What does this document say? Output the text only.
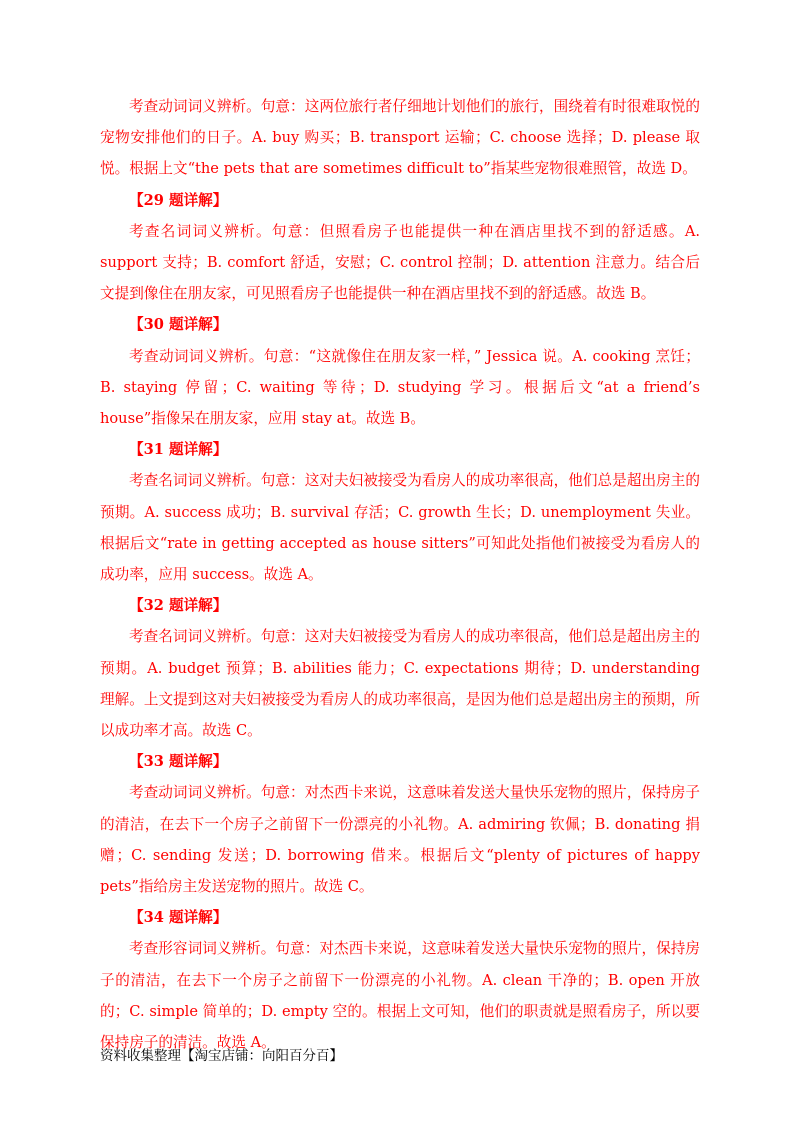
考查动词词义辨析。句意：这两位旅行者仔细地计划他们的旅行，围绕着有时很难取悦的宠物安排他们的日子。A. buy 购买；B. transport 运输；C. choose 选择；D. please 取悦。根据上文“the pets that are sometimes difficult to”指某些宠物很难照管，故选 D。

【29 题详解】

考查名词词义辨析。句意：但照看房子也能提供一种在酒店里找不到的舒适感。A. support 支持；B. comfort 舒适，安慰；C. control 控制；D. attention 注意力。结合后文提到像住在朋友家，可见照看房子也能提供一种在酒店里找不到的舒适感。故选 B。

【30 题详解】

考查动词词义辨析。句意：“这就像住在朋友家一样，” Jessica 说。A. cooking 烹饪；B. staying 停留；C. waiting 等待；D. studying 学习。根据后文“at a friend’s house”指像呆在朋友家，应用 stay at。故选 B。

【31 题详解】

考查名词词义辨析。句意：这对夫妇被接受为看房人的成功率很高，他们总是超出房主的预期。A. success 成功；B. survival 存活；C. growth 生长；D. unemployment 失业。根据后文“rate in getting accepted as house sitters”可知此处指他们被接受为看房人的成功率，应用 success。故选 A。

【32 题详解】

考查名词词义辨析。句意：这对夫妇被接受为看房人的成功率很高，他们总是超出房主的预期。A. budget 预算；B. abilities 能力；C. expectations 期待；D. understanding 理解。上文提到这对夫妇被接受为看房人的成功率很高，是因为他们总是超出房主的预期，所以成功率才高。故选 C。

【33 题详解】

考查动词词义辨析。句意：对杰西卡来说，这意味着发送大量快乐宠物的照片，保持房子的清洁，在去下一个房子之前留下一份漂亮的小礼物。A. admiring 钦佩；B. donating 捐赠；C. sending 发送；D. borrowing 借来。根据后文“plenty of pictures of happy pets”指给房主发送宠物的照片。故选 C。

【34 题详解】

考查形容词词义辨析。句意：对杰西卡来说，这意味着发送大量快乐宠物的照片，保持房子的清洁，在去下一个房子之前留下一份漂亮的小礼物。A. clean 干净的；B. open 开放的；C. simple 简单的；D. empty 空的。根据上文可知，他们的职责就是照看房子，所以要保持房子的清洁。故选 A。

资料收集整理【淘宝店铺：向阳百分百】
